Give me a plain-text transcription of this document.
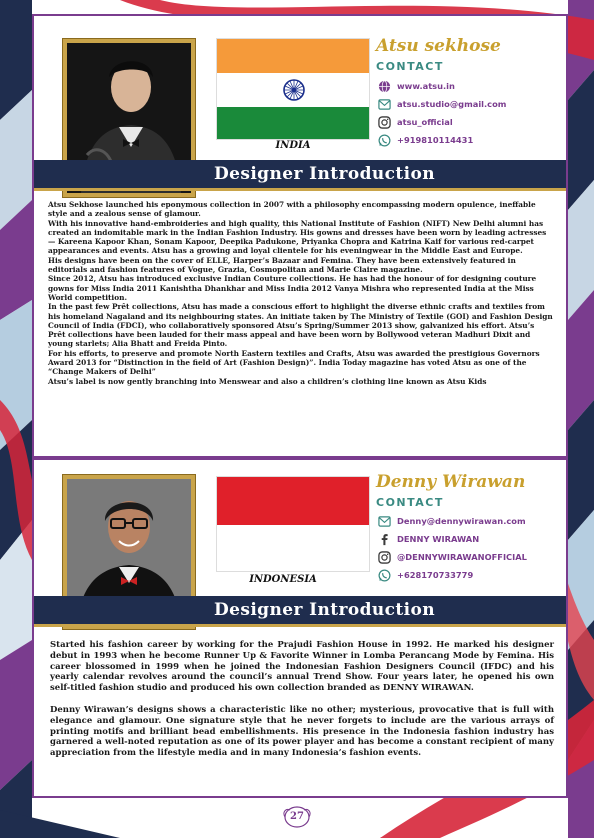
INDIA
Atsu sekhose
CONTACT
www.atsu.in
atsu.studio@gmail.com
atsu_official
+919810114431
Designer Introduction

Atsu Sekhose launched his eponymous collection in 2007 with a philosophy encompassing modern opulence, ineffable style and a zealous sense of glamour.

With his innovative hand-embroideries and high quality, this National Institute of Fashion (NIFT) New Delhi alumni has created an indomitable mark in the Indian Fashion Industry. His gowns and dresses have been worn by leading actresses — Kareena Kapoor Khan, Sonam Kapoor, Deepika Padukone, Priyanka Chopra and Katrina Kaif for various red-carpet appearances and events. Atsu has a growing and loyal clientele for his eveningwear in the Middle East and Europe.

His designs have been on the cover of ELLE, Harper’s Bazaar and Femina. They have been extensively featured in editorials and fashion features of Vogue, Grazia, Cosmopolitan and Marie Claire magazine.

Since 2012, Atsu has introduced exclusive Indian Couture collections. He has had the honour of for designing couture gowns for Miss India 2011 Kanishtha Dhankhar and Miss India 2012 Vanya Mishra who represented India at the Miss World competition.

In the past few Prêt collections, Atsu has made a conscious effort to highlight the diverse ethnic crafts and textiles from his homeland Nagaland and its neighbouring states. An initiate taken by The Ministry of Textile (GOI) and Fashion Design Council of India (FDCI), who collaboratively sponsored Atsu’s Spring/Summer 2013 show, galvanized his effort. Atsu’s Prêt collections have been lauded for their mass appeal and have been worn by Bollywood veteran Madhuri Dixit and young starlets; Alia Bhatt and Freida Pinto.

For his efforts, to preserve and promote North Eastern textiles and Crafts, Atsu was awarded the prestigious Governors Award 2013 for “Distinction in the field of Art (Fashion Design)”. India Today magazine has voted Atsu as one of the “Change Makers of Delhi”

Atsu’s label is now gently branching into Menswear and also a children’s clothing line known as Atsu Kids

INDONESIA
Denny Wirawan
CONTACT
Denny@dennywirawan.com
DENNY WIRAWAN
@DENNYWIRAWANOFFICIAL
+628170733779
Designer Introduction

Started his fashion career by working for the Prajudi Fashion House in 1992. He marked his designer debut in 1993 when he become Runner Up & Favorite Winner in Lomba Perancang Mode by Femina. His career blossomed in 1999 when he joined the Indonesian Fashion Designers Council (IFDC) and his yearly calendar revolves around the council’s annual Trend Show. Four years later, he opened his own self-titled fashion studio and produced his own collection branded as DENNY WIRAWAN.

Denny Wirawan’s designs shows a characteristic like no other; mysterious, provocative that is full with elegance and glamour. One signature style that he never forgets to include are the various arrays of printing motifs and brilliant bead embellishments. His presence in the Indonesia fashion industry has garnered a well-noted reputation as one of its power player and has become a constant recipient of many appreciation from the lifestyle media and in many Indonesia’s fashion events.

27
